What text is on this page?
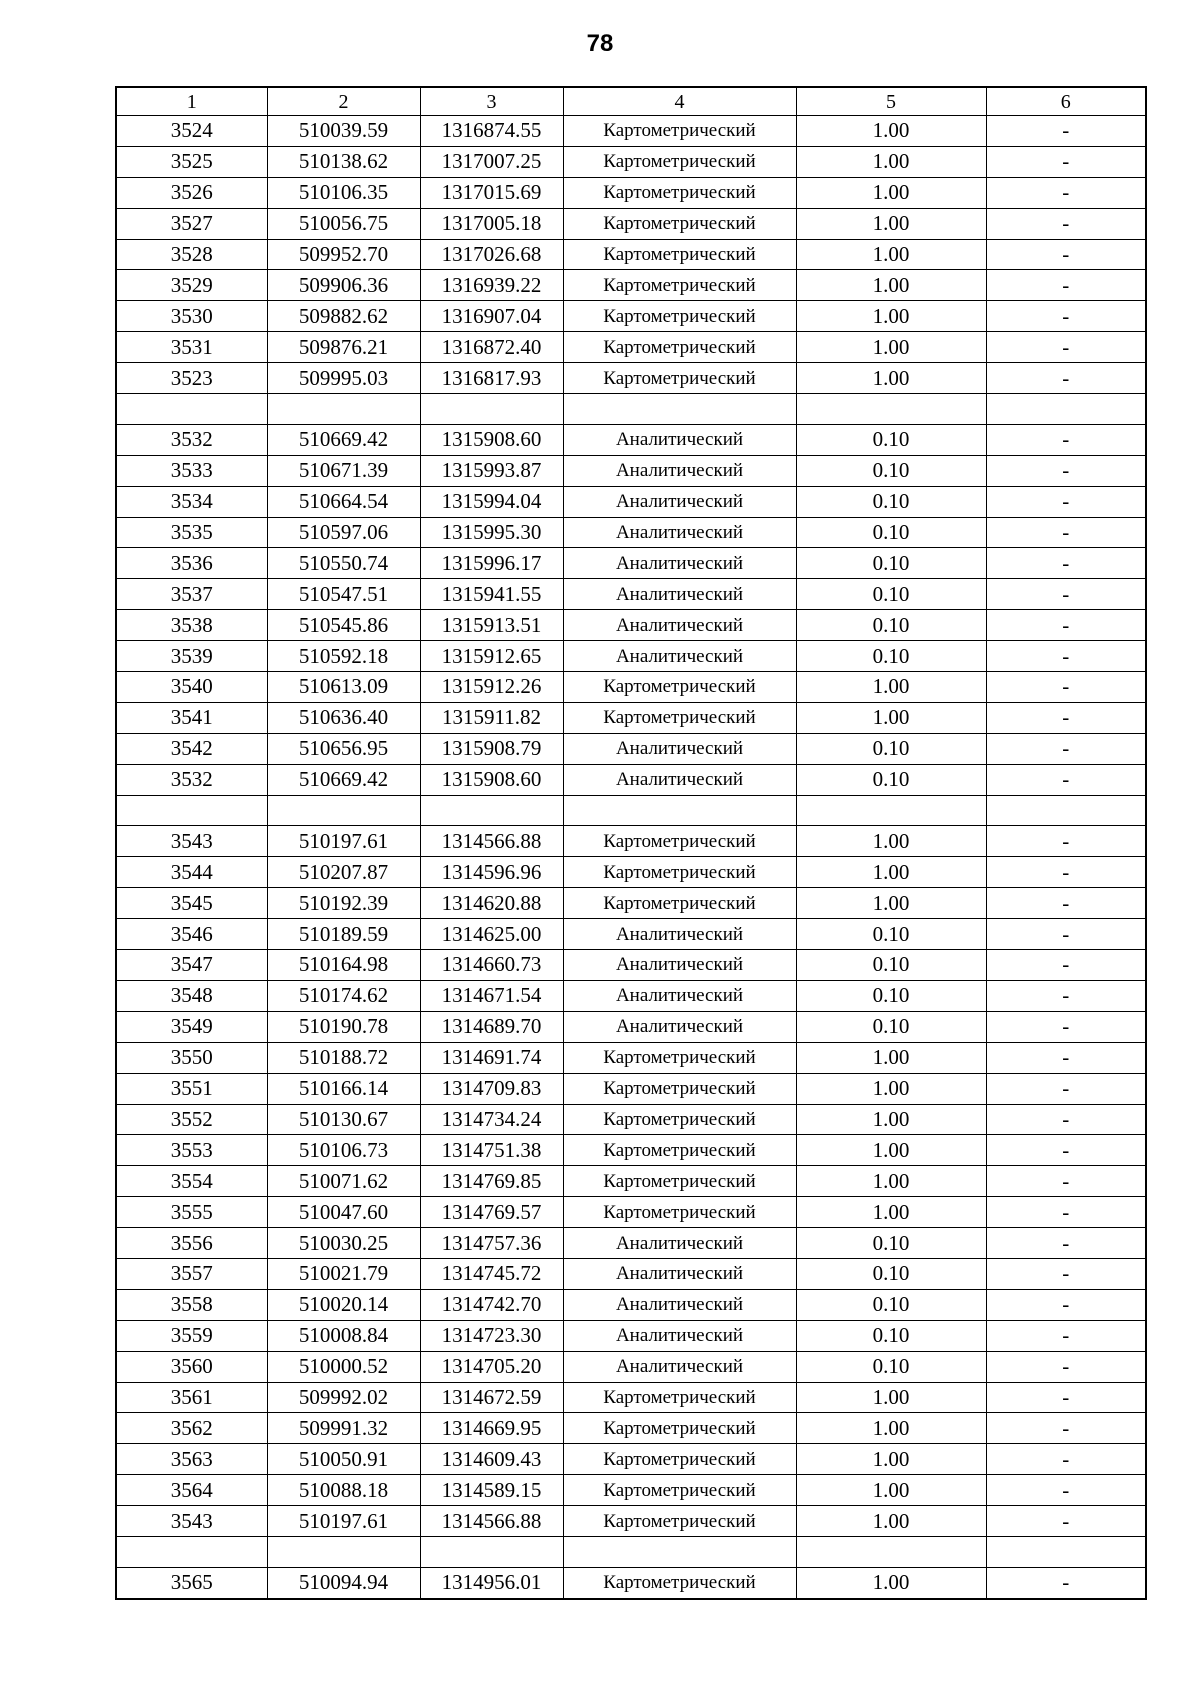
78
1	2	3	4	5	6
3524	510039.59	1316874.55	Картометрический	1.00	-
3525	510138.62	1317007.25	Картометрический	1.00	-
3526	510106.35	1317015.69	Картометрический	1.00	-
3527	510056.75	1317005.18	Картометрический	1.00	-
3528	509952.70	1317026.68	Картометрический	1.00	-
3529	509906.36	1316939.22	Картометрический	1.00	-
3530	509882.62	1316907.04	Картометрический	1.00	-
3531	509876.21	1316872.40	Картометрический	1.00	-
3523	509995.03	1316817.93	Картометрический	1.00	-

3532	510669.42	1315908.60	Аналитический	0.10	-
3533	510671.39	1315993.87	Аналитический	0.10	-
3534	510664.54	1315994.04	Аналитический	0.10	-
3535	510597.06	1315995.30	Аналитический	0.10	-
3536	510550.74	1315996.17	Аналитический	0.10	-
3537	510547.51	1315941.55	Аналитический	0.10	-
3538	510545.86	1315913.51	Аналитический	0.10	-
3539	510592.18	1315912.65	Аналитический	0.10	-
3540	510613.09	1315912.26	Картометрический	1.00	-
3541	510636.40	1315911.82	Картометрический	1.00	-
3542	510656.95	1315908.79	Аналитический	0.10	-
3532	510669.42	1315908.60	Аналитический	0.10	-

3543	510197.61	1314566.88	Картометрический	1.00	-
3544	510207.87	1314596.96	Картометрический	1.00	-
3545	510192.39	1314620.88	Картометрический	1.00	-
3546	510189.59	1314625.00	Аналитический	0.10	-
3547	510164.98	1314660.73	Аналитический	0.10	-
3548	510174.62	1314671.54	Аналитический	0.10	-
3549	510190.78	1314689.70	Аналитический	0.10	-
3550	510188.72	1314691.74	Картометрический	1.00	-
3551	510166.14	1314709.83	Картометрический	1.00	-
3552	510130.67	1314734.24	Картометрический	1.00	-
3553	510106.73	1314751.38	Картометрический	1.00	-
3554	510071.62	1314769.85	Картометрический	1.00	-
3555	510047.60	1314769.57	Картометрический	1.00	-
3556	510030.25	1314757.36	Аналитический	0.10	-
3557	510021.79	1314745.72	Аналитический	0.10	-
3558	510020.14	1314742.70	Аналитический	0.10	-
3559	510008.84	1314723.30	Аналитический	0.10	-
3560	510000.52	1314705.20	Аналитический	0.10	-
3561	509992.02	1314672.59	Картометрический	1.00	-
3562	509991.32	1314669.95	Картометрический	1.00	-
3563	510050.91	1314609.43	Картометрический	1.00	-
3564	510088.18	1314589.15	Картометрический	1.00	-
3543	510197.61	1314566.88	Картометрический	1.00	-

3565	510094.94	1314956.01	Картометрический	1.00	-
